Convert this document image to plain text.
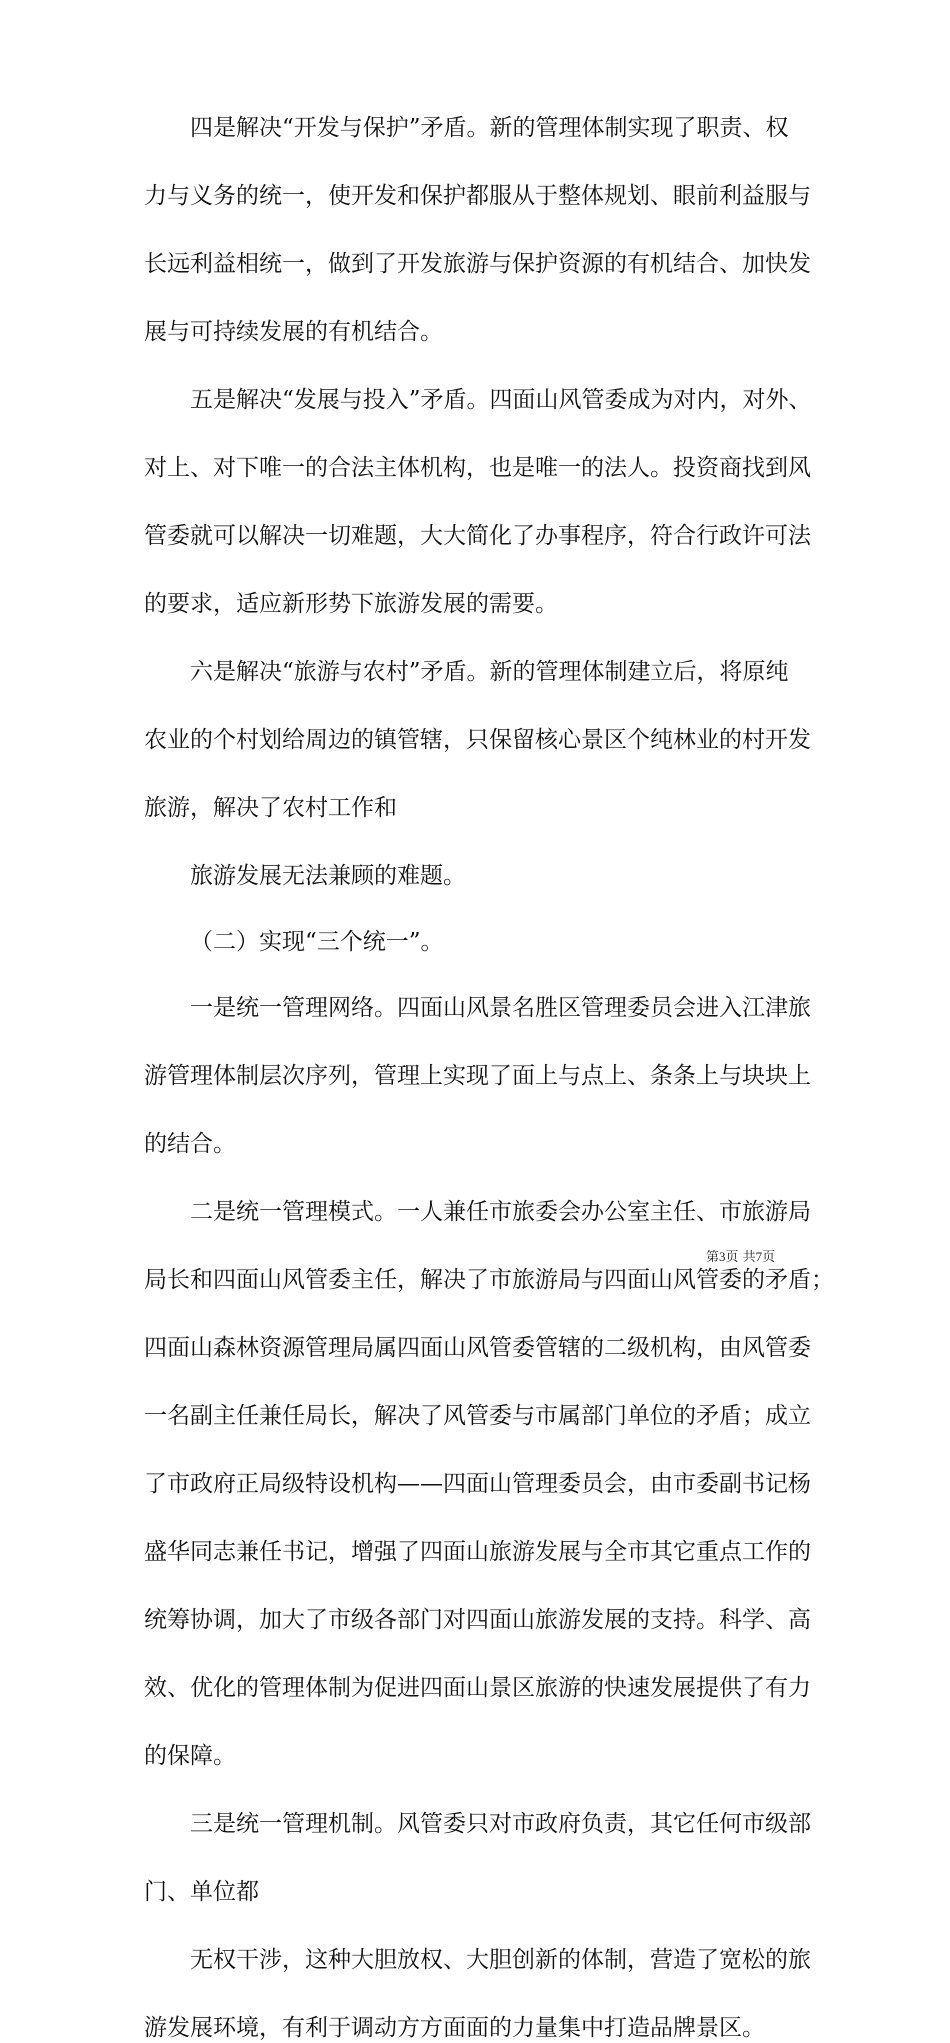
四是解决“开发与保护”矛盾。新的管理体制实现了职责、权

力与义务的统一，使开发和保护都服从于整体规划、眼前利益服与

长远利益相统一，做到了开发旅游与保护资源的有机结合、加快发

展与可持续发展的有机结合。

五是解决“发展与投入”矛盾。四面山风管委成为对内，对外、

对上、对下唯一的合法主体机构，也是唯一的法人。投资商找到风

管委就可以解决一切难题，大大简化了办事程序，符合行政许可法

的要求，适应新形势下旅游发展的需要。

六是解决“旅游与农村”矛盾。新的管理体制建立后，将原纯

农业的个村划给周边的镇管辖，只保留核心景区个纯林业的村开发

旅游，解决了农村工作和

旅游发展无法兼顾的难题。

（二）实现“三个统一”。

一是统一管理网络。四面山风景名胜区管理委员会进入江津旅

游管理体制层次序列，管理上实现了面上与点上、条条上与块块上

的结合。

二是统一管理模式。一人兼任市旅委会办公室主任、市旅游局

局长和四面山风管委主任，解决了市旅游局与四面山风管委的矛盾；

四面山森林资源管理局属四面山风管委管辖的二级机构，由风管委

一名副主任兼任局长，解决了风管委与市属部门单位的矛盾；成立

了市政府正局级特设机构——四面山管理委员会，由市委副书记杨

盛华同志兼任书记，增强了四面山旅游发展与全市其它重点工作的

统筹协调，加大了市级各部门对四面山旅游发展的支持。科学、高

效、优化的管理体制为促进四面山景区旅游的快速发展提供了有力

的保障。

三是统一管理机制。风管委只对市政府负责，其它任何市级部

门、单位都

无权干涉，这种大胆放权、大胆创新的体制，营造了宽松的旅

游发展环境，有利于调动方方面面的力量集中打造品牌景区。

第3页 共7页
